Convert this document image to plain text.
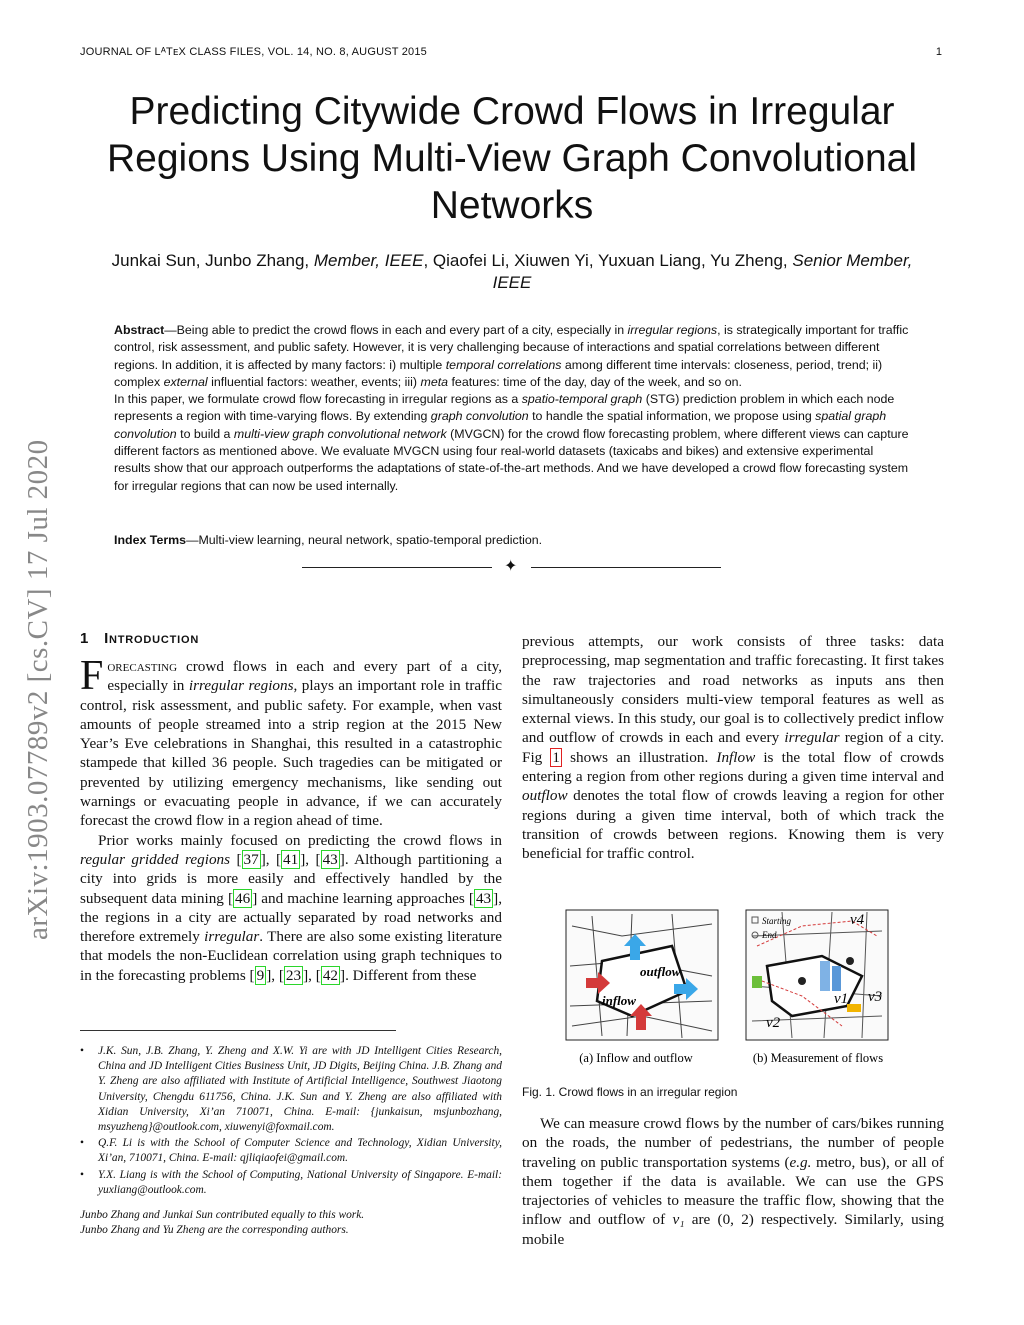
JOURNAL OF LᴬTᴇX CLASS FILES, VOL. 14, NO. 8, AUGUST 2015	1
arXiv:1903.07789v2 [cs.CV] 17 Jul 2020
Predicting Citywide Crowd Flows in Irregular Regions Using Multi-View Graph Convolutional Networks
Junkai Sun, Junbo Zhang, Member, IEEE, Qiaofei Li, Xiuwen Yi, Yuxuan Liang, Yu Zheng, Senior Member, IEEE

Abstract—Being able to predict the crowd flows in each and every part of a city, especially in irregular regions, is strategically important for traffic control, risk assessment, and public safety. However, it is very challenging because of interactions and spatial correlations between different regions. In addition, it is affected by many factors: i) multiple temporal correlations among different time intervals: closeness, period, trend; ii) complex external influential factors: weather, events; iii) meta features: time of the day, day of the week, and so on.

In this paper, we formulate crowd flow forecasting in irregular regions as a spatio-temporal graph (STG) prediction problem in which each node represents a region with time-varying flows. By extending graph convolution to handle the spatial information, we propose using spatial graph convolution to build a multi-view graph convolutional network (MVGCN) for the crowd flow forecasting problem, where different views can capture different factors as mentioned above. We evaluate MVGCN using four real-world datasets (taxicabs and bikes) and extensive experimental results show that our approach outperforms the adaptations of state-of-the-art methods. And we have developed a crowd flow forecasting system for irregular regions that can now be used internally.

Index Terms—Multi-view learning, neural network, spatio-temporal prediction.
✦
1 Introduction

Forecasting crowd flows in each and every part of a city, especially in irregular regions, plays an important role in traffic control, risk assessment, and public safety. For example, when vast amounts of people streamed into a strip region at the 2015 New Year’s Eve celebrations in Shanghai, this resulted in a catastrophic stampede that killed 36 people. Such tragedies can be mitigated or prevented by utilizing emergency mechanisms, like sending out warnings or evacuating people in advance, if we can accurately forecast the crowd flow in a region ahead of time.

Prior works mainly focused on predicting the crowd flows in regular gridded regions [ 37 ], [ 41 ], [ 43 ]. Although partitioning a city into grids is more easily and effectively handled by the subsequent data mining [ 46 ] and machine learning approaches [ 43 ], the regions in a city are actually separated by road networks and therefore extremely irregular. There are also some existing literature that models the non-Euclidean correlation using graph techniques to in the forecasting problems [ 9 ], [ 23 ], [ 42 ]. Different from these

• J.K. Sun, J.B. Zhang, Y. Zheng and X.W. Yi are with JD Intelligent Cities Research, China and JD Intelligent Cities Business Unit, JD Digits, Beijing China. J.B. Zhang and Y. Zheng are also affiliated with Institute of Artificial Intelligence, Southwest Jiaotong University, Chengdu 611756, China. J.K. Sun and Y. Zheng are also affiliated with Xidian University, Xi’an 710071, China. E-mail: {junkaisun, msjunbozhang, msyuzheng}@outlook.com, xiuwenyi@foxmail.com.
• Q.F. Li is with the School of Computer Science and Technology, Xidian University, Xi’an, 710071, China. E-mail: qjliqiaofei@gmail.com.
• Y.X. Liang is with the School of Computing, National University of Singapore. E-mail: yuxliang@outlook.com.
Junbo Zhang and Junkai Sun contributed equally to this work.
Junbo Zhang and Yu Zheng are the corresponding authors.

previous attempts, our work consists of three tasks: data preprocessing, map segmentation and traffic forecasting. It first takes the raw trajectories and road networks as inputs ans then simultaneously considers multi-view temporal features as well as external views. In this study, our goal is to collectively predict inflow and outflow of crowds in each and every irregular region of a city. Fig 1 shows an illustration. Inflow is the total flow of crowds entering a region from other regions during a given time interval and outflow denotes the total flow of crowds leaving a region for other regions during a given time interval, both of which track the transition of crowds between regions. Knowing them is very beneficial for traffic control.

outflow
inflow
Starting
End
v1
v2
v3
v4
(a) Inflow and outflow	(b) Measurement of flows
Fig. 1. Crowd flows in an irregular region

We can measure crowd flows by the number of cars/bikes running on the roads, the number of pedestrians, the number of people traveling on public transportation systems (e.g. metro, bus), or all of them together if the data is available. We can use the GPS trajectories of vehicles to measure the traffic flow, showing that the inflow and outflow of v₁ are (0, 2) respectively. Similarly, using mobile
